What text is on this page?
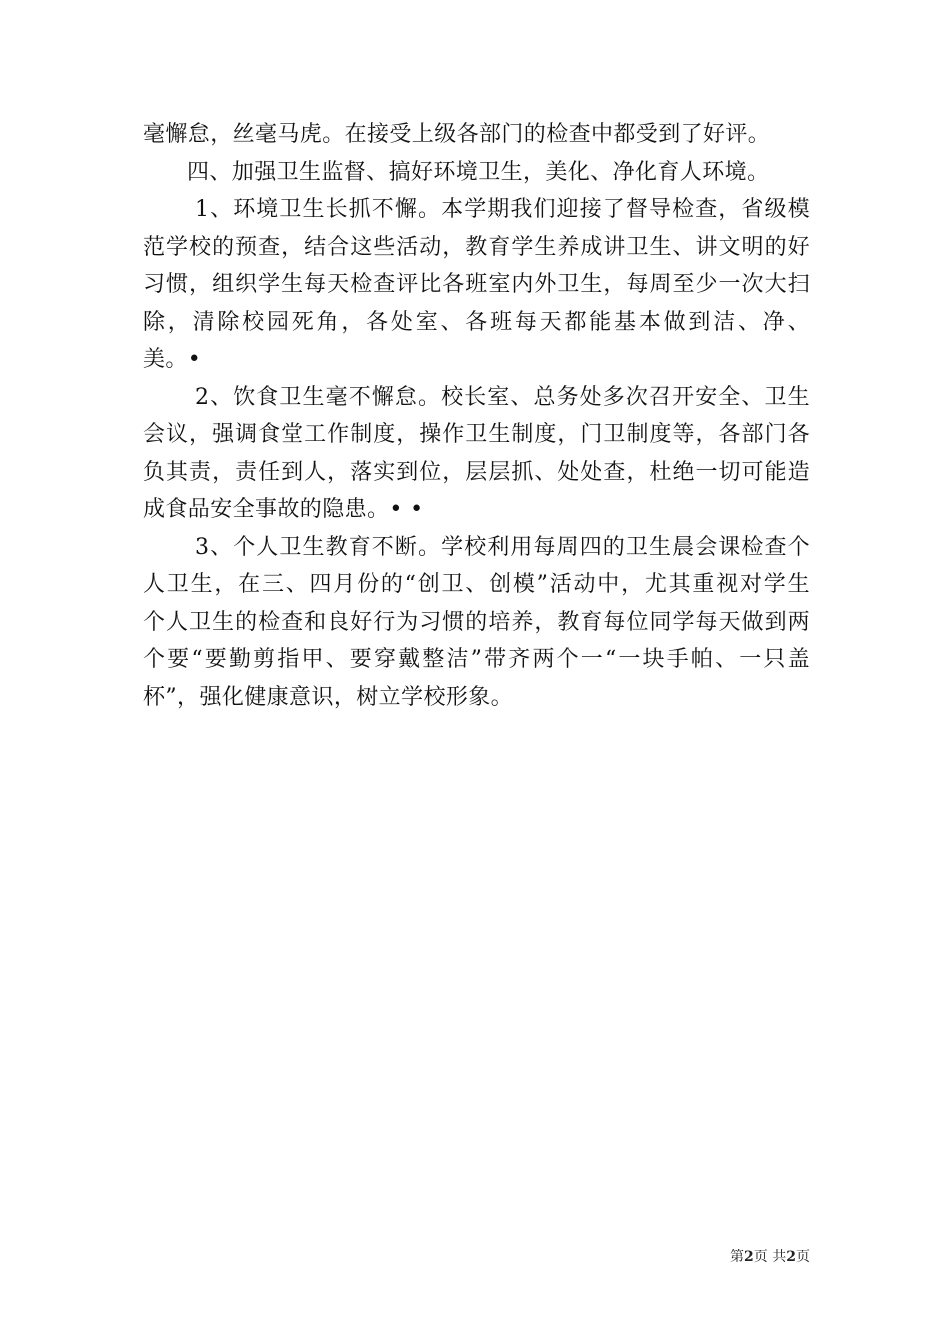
毫懈怠，丝毫马虎。在接受上级各部门的检查中都受到了好评。
四、加强卫生监督、搞好环境卫生，美化、净化育人环境。
1、环境卫生长抓不懈。本学期我们迎接了督导检查，省级模
范学校的预查，结合这些活动，教育学生养成讲卫生、讲文明的好
习惯，组织学生每天检查评比各班室内外卫生，每周至少一次大扫
除，清除校园死角，各处室、各班每天都能基本做到洁、净、
美。•
2、饮食卫生毫不懈怠。校长室、总务处多次召开安全、卫生
会议，强调食堂工作制度，操作卫生制度，门卫制度等，各部门各
负其责，责任到人，落实到位，层层抓、处处查，杜绝一切可能造
成食品安全事故的隐患。• •
3、个人卫生教育不断。学校利用每周四的卫生晨会课检查个
人卫生，在三、四月份的“创卫、创模”活动中，尤其重视对学生
个人卫生的检查和良好行为习惯的培养，教育每位同学每天做到两
个要“要勤剪指甲、要穿戴整洁”带齐两个一“一块手帕、一只盖
杯”，强化健康意识，树立学校形象。
第2页 共2页
